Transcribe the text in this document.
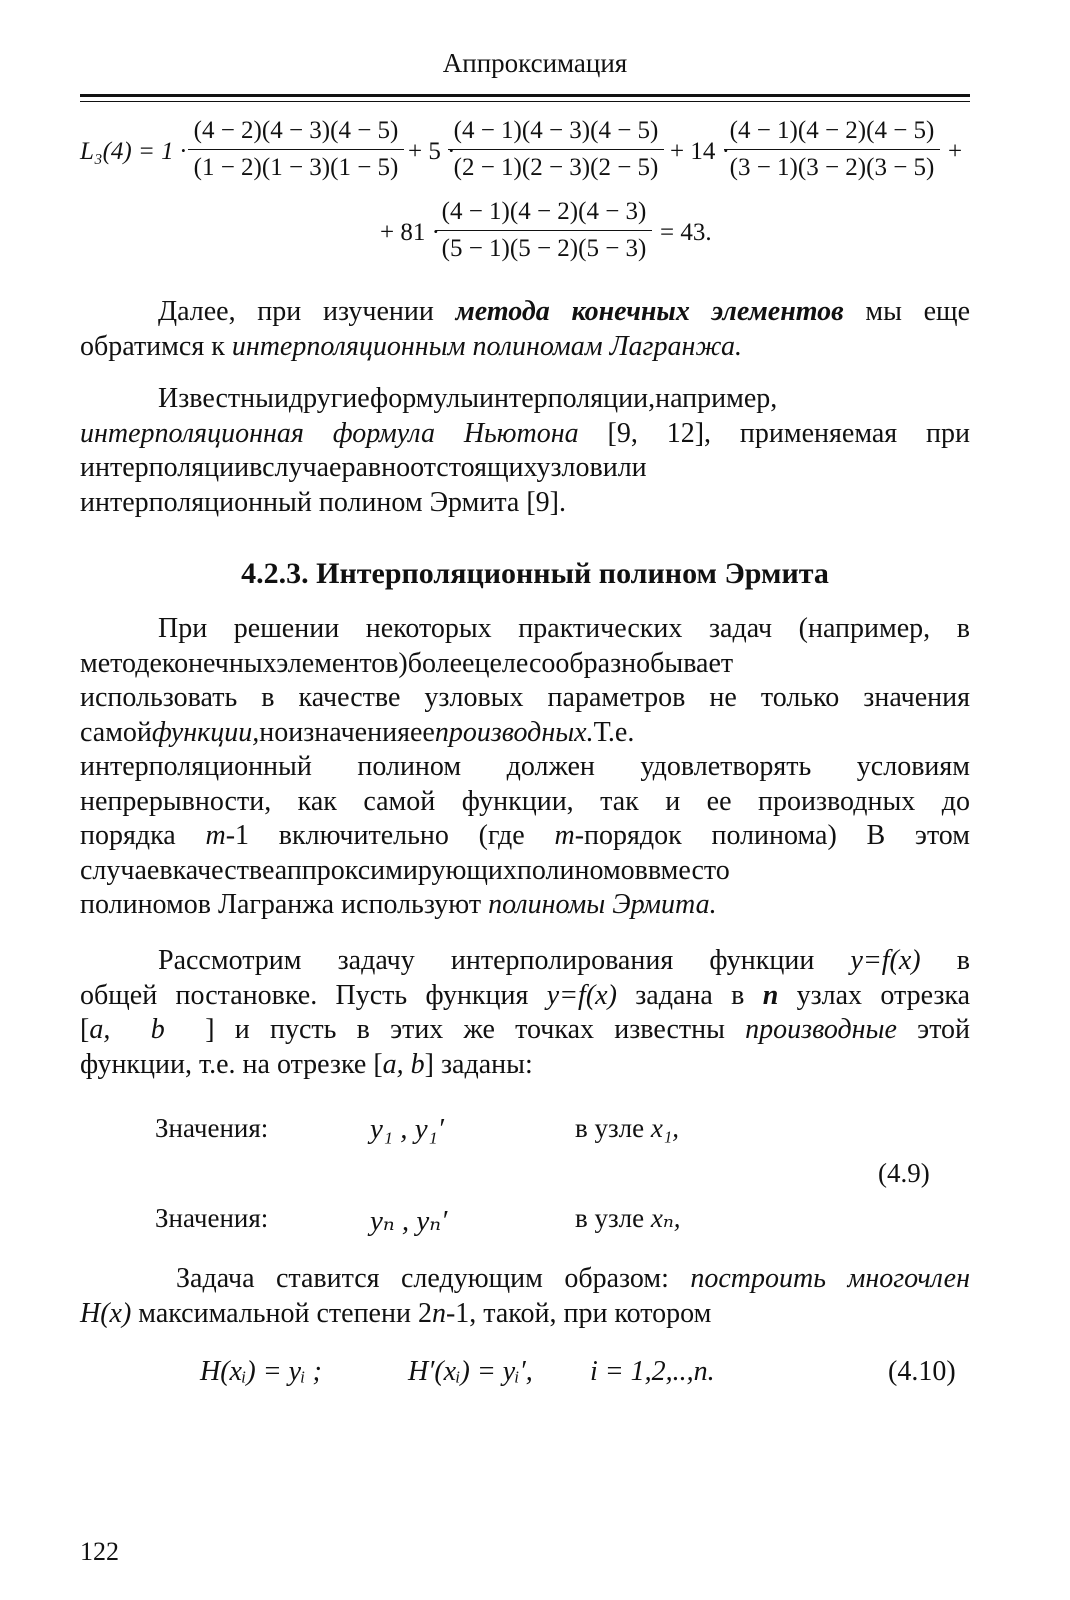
Аппроксимация
$L_3(4) = 1 \cdot \frac{(4 - 2)(4 - 3)(4 - 5)}{(1 - 2)(1 - 3)(1 - 5)} + 5$ ·
$\frac{(4 - 1)(4 - 3)(4 - 5)}{(2 - 1)(2 - 3)(2 - 5)} + 14$ ·
$\frac{(4 - 1)(4 - 2)(4 - 5)}{(3 - 1)(3 - 2)(3 - 5)}$ +
+ 81 ·
$\frac{(4 - 1)(4 - 2)(4 - 3)}{(5 - 1)(5 - 2)(5 - 3)} = 43$.
Далее, при изучении метода конечных элементов мы еще
обратимся к интерполяционным полиномам Лагранжа.
Известныидругиеформулыинтерполяции,например,
интерполяционная формула Ньютона [9, 12], применяемая при
интерполяциивслучаеравноотстоящихузловили
интерполяционный полином Эрмита [9].
4.2.3. Интерполяционный полином Эрмита
При решении некоторых практических задач (например, в
методеконечныхэлементов)болеецелесообразнобывает
использовать в качестве узловых параметров не только значения
самойфункции,ноизначенияеепроизводных.Т.е.
интерполяционный полином должен удовлетворять условиям
непрерывности, как самой функции, так и ее производных до
порядка m-1 включительно (где m-порядок полинома) В этом
случаевкачествеаппроксимирующихполиномоввместо
полиномов Лагранжа используют полиномы Эрмита.
Рассмотрим задачу интерполирования функции y=f(x) в
общей постановке. Пусть функция y=f(x) задана в n узлах отрезка
[a, b ] и пусть в этих же точках известны производные этой
функции, т.е. на отрезке [a, b] заданы:
Значения:	y₁ , y₁′	в узле x₁,
(4.9)
Значения:	yₙ , yₙ′	в узле xₙ,
Задача ставится следующим образом: построить многочлен
H(x) максимальной степени 2n-1, такой, при котором
H(xᵢ) = yᵢ ;	H′(xᵢ) = yᵢ′, i = 1,2,..,n.	(4.10)
122
